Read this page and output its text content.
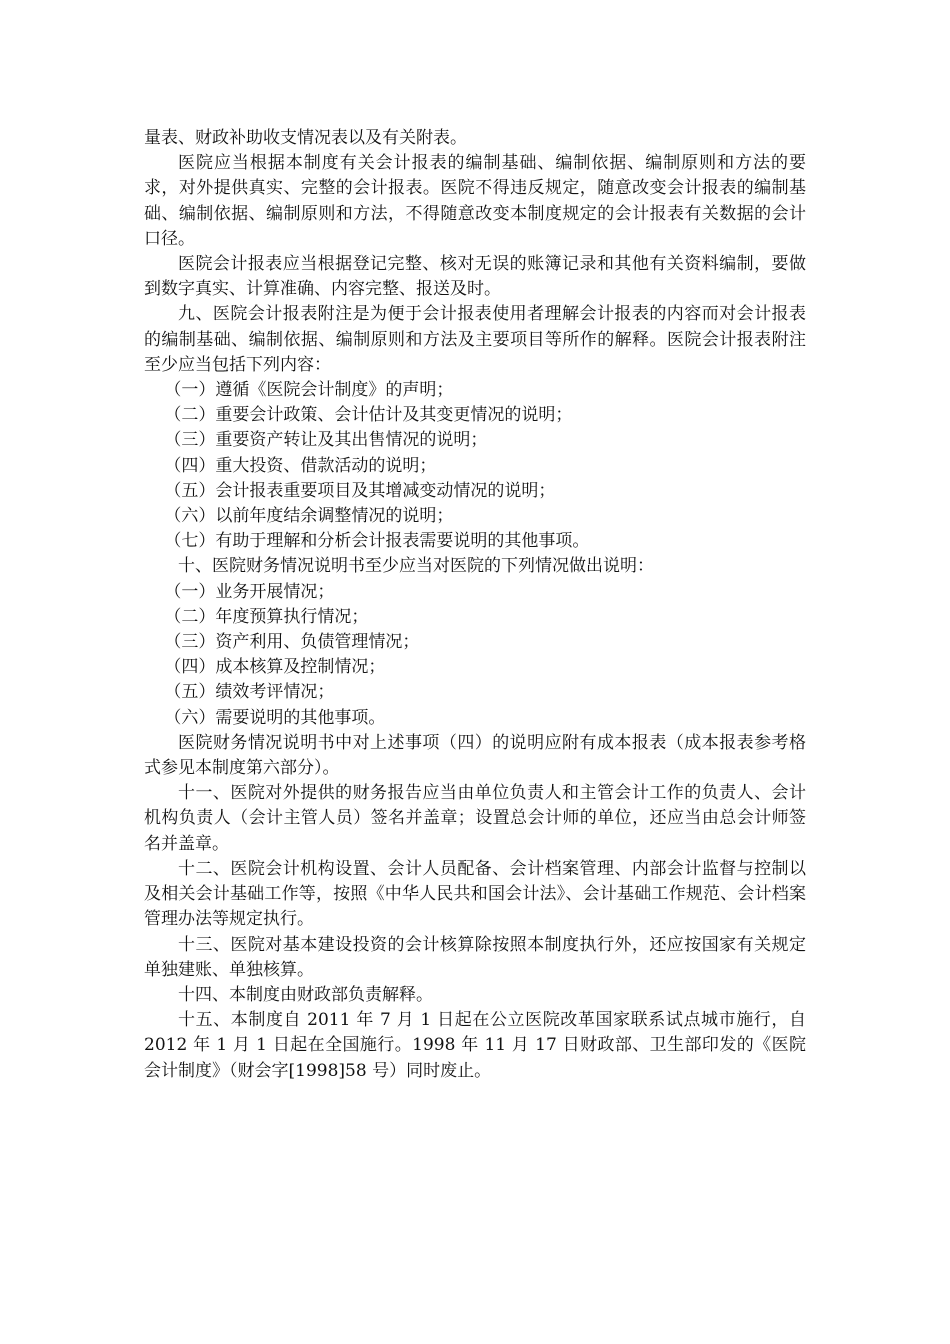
量表、财政补助收支情况表以及有关附表。

医院应当根据本制度有关会计报表的编制基础、编制依据、编制原则和方法的要求，对外提供真实、完整的会计报表。医院不得违反规定，随意改变会计报表的编制基础、编制依据、编制原则和方法，不得随意改变本制度规定的会计报表有关数据的会计口径。

医院会计报表应当根据登记完整、核对无误的账簿记录和其他有关资料编制，要做到数字真实、计算准确、内容完整、报送及时。

九、医院会计报表附注是为便于会计报表使用者理解会计报表的内容而对会计报表的编制基础、编制依据、编制原则和方法及主要项目等所作的解释。医院会计报表附注至少应当包括下列内容：

（一）遵循《医院会计制度》的声明；

（二）重要会计政策、会计估计及其变更情况的说明；

（三）重要资产转让及其出售情况的说明；

（四）重大投资、借款活动的说明；

（五）会计报表重要项目及其增减变动情况的说明；

（六）以前年度结余调整情况的说明；

（七）有助于理解和分析会计报表需要说明的其他事项。

十、医院财务情况说明书至少应当对医院的下列情况做出说明：

（一）业务开展情况；

（二）年度预算执行情况；

（三）资产利用、负债管理情况；

（四）成本核算及控制情况；

（五）绩效考评情况；

（六）需要说明的其他事项。

医院财务情况说明书中对上述事项（四）的说明应附有成本报表（成本报表参考格式参见本制度第六部分）。

十一、医院对外提供的财务报告应当由单位负责人和主管会计工作的负责人、会计机构负责人（会计主管人员）签名并盖章；设置总会计师的单位，还应当由总会计师签名并盖章。

十二、医院会计机构设置、会计人员配备、会计档案管理、内部会计监督与控制以及相关会计基础工作等，按照《中华人民共和国会计法》、会计基础工作规范、会计档案管理办法等规定执行。

十三、医院对基本建设投资的会计核算除按照本制度执行外，还应按国家有关规定单独建账、单独核算。

十四、本制度由财政部负责解释。

十五、本制度自 2011 年 7 月 1 日起在公立医院改革国家联系试点城市施行，自 2012 年 1 月 1 日起在全国施行。1998 年 11 月 17 日财政部、卫生部印发的《医院会计制度》（财会字[1998]58 号）同时废止。
